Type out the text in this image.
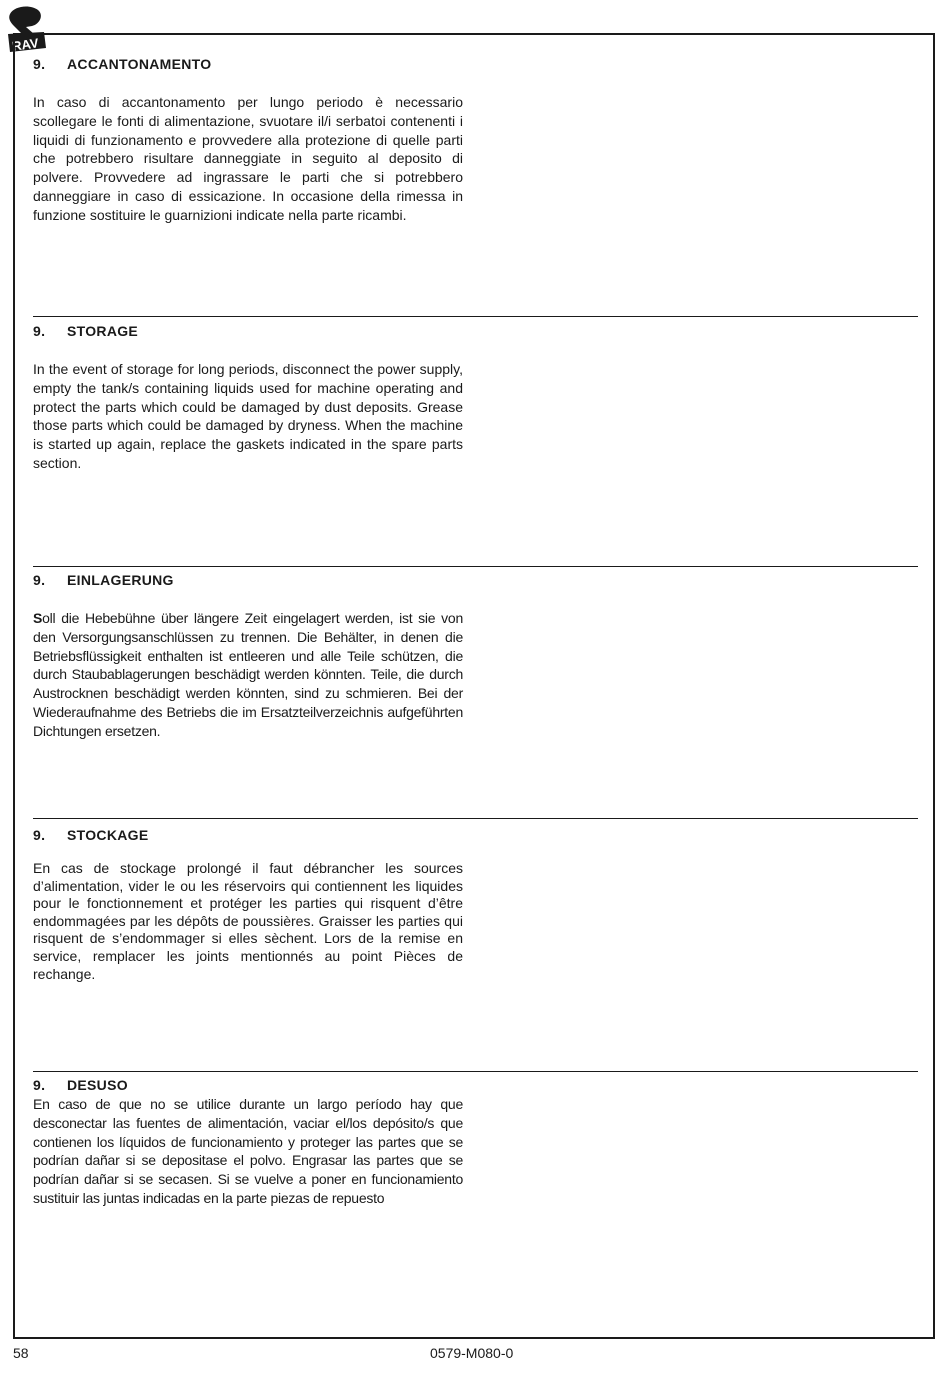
RAV
9. ACCANTONAMENTO

In caso di accantonamento per lungo periodo è necessario scollegare le fonti di alimentazione, svuotare il/i serbatoi contenenti i liquidi di funzionamento e provvedere alla protezione di quelle parti che potrebbero risultare danneggiate in seguito al deposito di polvere. Provvedere ad ingrassare le parti che si potrebbero danneggiare in caso di essicazione. In occasione della rimessa in funzione sostituire le guarnizioni indicate nella parte ricambi.

9. STORAGE

In the event of storage for long periods, disconnect the power supply, empty the tank/s containing liquids used for machine operating and protect the parts which could be damaged by dust deposits. Grease those parts which could be damaged by dryness. When the machine is started up again, replace the gaskets indicated in the spare parts section.

9. EINLAGERUNG

Soll die Hebebühne über längere Zeit eingelagert werden, ist sie von den Versorgungsanschlüssen zu trennen. Die Behälter, in denen die Betriebsflüssigkeit enthalten ist entleeren und alle Teile schützen, die durch Staubablagerungen beschädigt werden könnten. Teile, die durch Austrocknen beschädigt werden könnten, sind zu schmieren. Bei der Wiederaufnahme des Betriebs die im Ersatzteilverzeichnis aufgeführten Dichtungen ersetzen.

9. STOCKAGE

En cas de stockage prolongé il faut débrancher les sources d’alimentation, vider le ou les réservoirs qui contiennent les liquides pour le fonctionnement et protéger les parties qui risquent d’être endommagées par les dépôts de poussières. Graisser les parties qui risquent de s’endommager si elles sèchent. Lors de la remise en service, remplacer les joints mentionnés au point Pièces de rechange.

9. DESUSO

En caso de que no se utilice durante un largo período hay que desconectar las fuentes de alimentación, vaciar el/los depósito/s que contienen los líquidos de funcionamiento y proteger las partes que se podrían dañar si se depositase el polvo. Engrasar las partes que se podrían dañar si se secasen. Si se vuelve a poner en funcionamiento sustituir las juntas indicadas en la parte piezas de repuesto

58	0579-M080-0
